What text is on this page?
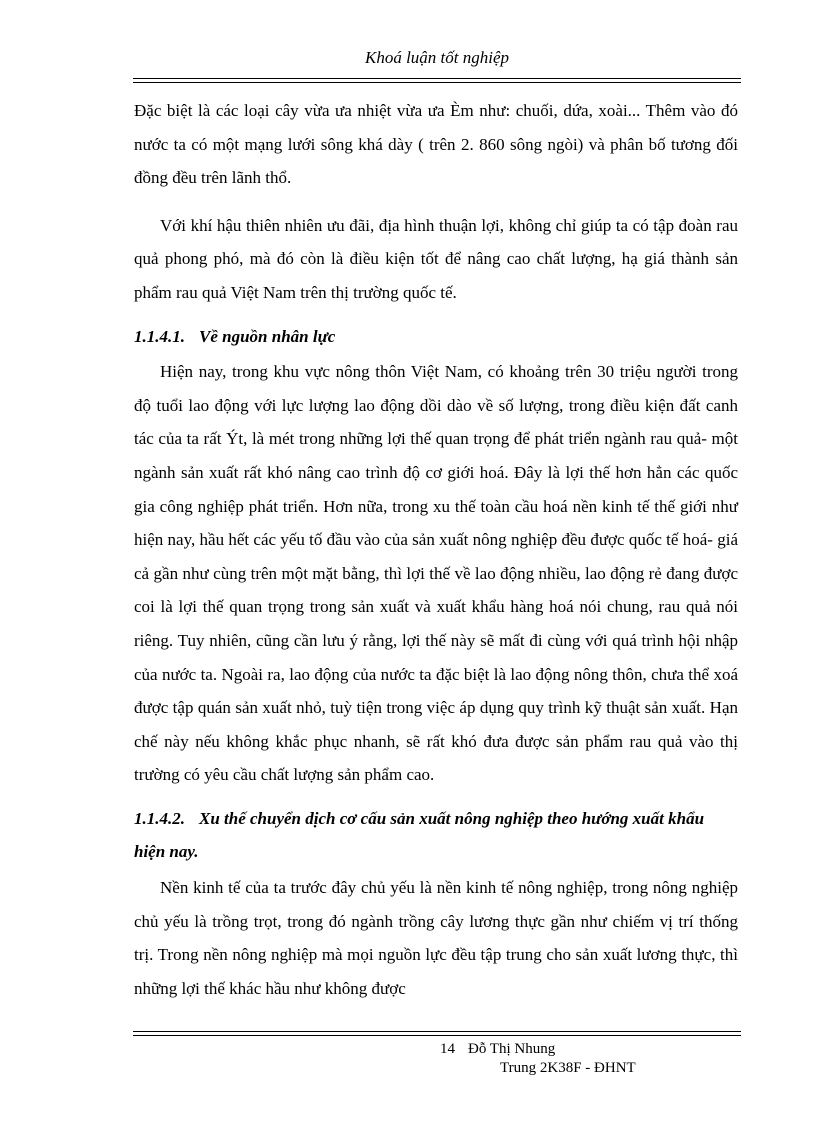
Khoá luận tốt nghiệp

Đặc biệt là các loại cây vừa ưa nhiệt vừa ưa Èm như: chuối, dứa, xoài... Thêm vào đó nước ta có một mạng lưới sông khá dày ( trên 2. 860 sông ngòi) và phân bố tương đối đồng đều trên lãnh thổ.

Với khí hậu thiên nhiên ưu đãi, địa hình thuận lợi, không chỉ giúp ta có tập đoàn rau quả phong phó, mà đó còn là điều kiện tốt để nâng cao chất lượng, hạ giá thành sản phẩm rau quả Việt Nam trên thị trường quốc tế.

1.1.4.1. Về nguồn nhân lực

Hiện nay, trong khu vực nông thôn Việt Nam, có khoảng trên 30 triệu người trong độ tuổi lao động với lực lượng lao động dồi dào về số lượng, trong điều kiện đất canh tác của ta rất Ýt, là mét trong những lợi thế quan trọng để phát triển ngành rau quả- một ngành sản xuất rất khó nâng cao trình độ cơ giới hoá. Đây là lợi thế hơn hẳn các quốc gia công nghiệp phát triển. Hơn nữa, trong xu thế toàn cầu hoá nền kinh tế thế giới như hiện nay, hầu hết các yếu tố đầu vào của sản xuất nông nghiệp đều được quốc tế hoá- giá cả gần như cùng trên một mặt bằng, thì lợi thế về lao động nhiều, lao động rẻ đang được coi là lợi thế quan trọng trong sản xuất và xuất khẩu hàng hoá nói chung, rau quả nói riêng. Tuy nhiên, cũng cần lưu ý rằng, lợi thế này sẽ mất đi cùng với quá trình hội nhập của nước ta. Ngoài ra, lao động của nước ta đặc biệt là lao động nông thôn, chưa thể xoá được tập quán sản xuất nhỏ, tuỳ tiện trong việc áp dụng quy trình kỹ thuật sản xuất. Hạn chế này nếu không khắc phục nhanh, sẽ rất khó đưa được sản phẩm rau quả vào thị trường có yêu cầu chất lượng sản phẩm cao.

1.1.4.2. Xu thế chuyển dịch cơ cấu sản xuất nông nghiệp theo hướng xuất khẩu hiện nay.

Nền kinh tế của ta trước đây chủ yếu là nền kinh tế nông nghiệp, trong nông nghiệp chủ yếu là trồng trọt, trong đó ngành trồng cây lương thực gần như chiếm vị trí thống trị. Trong nền nông nghiệp mà mọi nguồn lực đều tập trung cho sản xuất lương thực, thì những lợi thế khác hầu như không được

14 Đỗ Thị Nhung
Trung 2K38F - ĐHNT
